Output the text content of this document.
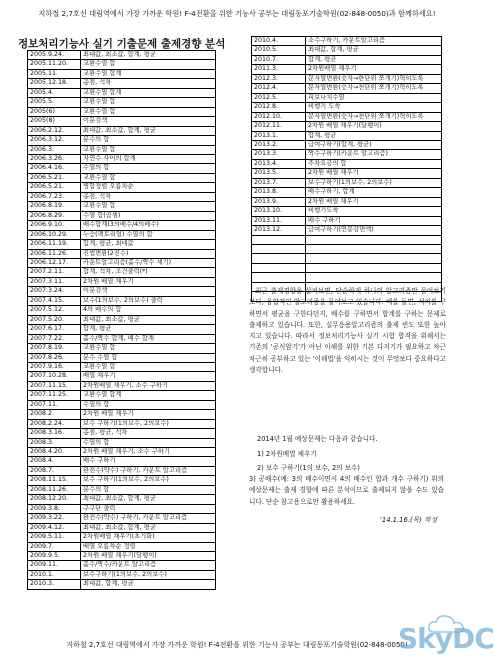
지하철 2,7호선 대림역에서 가장 가까운 학원! F-4전환을 위한 기능사 공부는 대림동포기술학원(02-848-0050)과 함께하세요!
정보처리기능사 실기 기출문제 출제경향 분석
2005.9.24.	최대값, 최소값, 합계, 평균
2005.11.20.	교환수열 합
2005.11.	교환수열 합계
2005.12.18.	총점, 석차
2005.4.	교환수열 합계
2005.5.	교환수열 합
2005(6)	교환수열 합
2005(8)	이분검색
2006.2.12.	최대값, 최소값, 합계, 평균
2006.3.12.	분수의 합
2006.3.	교환수열 합
2006.3.26.	자연수 사이의 합계
2006.4.16.	수열의 합
2006.5.21.	교환수열 합
2006.5.21.	병합정렬 오름차순
2006.7.23.	총점, 석차
2006.8.19.	교환수열 합
2006.8.29.	수열 합(곱셈)
2006.9.10.	배수합계(3의배수/4의배수)
2006.10.29.	누승(팩토리얼) 수열의 합
2006.11.19.	합계, 평균, 최대값
2006.11.26.	진법변환(2진수)
2006.12.17.	카운트알고리즘(홀수/짝수 세기)
2007.2.11.	합계, 석차, 조건출력(*)
2007.3.11.	2차원 배열 채우기
2007.3.24.	이분검색
2007.4.15.	보수(1의보수, 2의보수) 출력
2007.5.12.	4의 배수의 합
2007.5.20.	최대값, 최소값, 평균
2007.6.17.	합계, 평균
2007.7.22.	홀수/짝수 합계, 배수 합계
2007.8.19.	교환수열 합
2007.8.26.	분수 수열 합
2007.9.16.	교환수열 합
2007.10.28.	배열 채우기
2007.11.15.	2차원배열 채우기, 소수 구하기
2007.11.25.	교환수열 합계
2007.11.	수열의 합
2008.2.	2차원 배열 채우기
2008.2.24.	보수 구하기(1의보수, 2의보수)
2008.3.16.	총점, 평균, 석차
2008.3.	수열의 합
2008.4.20.	2차원 배열 채우기, 소수 구하기
2008.4.	배수 구하기
2008.7.	완전수(약수) 구하기, 카운트 알고리즘
2008.11.15.	보수 구하기(1의보수, 2의보수)
2008.11.26.	분수의 합
2008.12.20.	최대값, 최소값, 합계, 평균
2009.3.8.	구구단 출력
2009.3.22.	완전수(약수) 구하기, 카운트 알고리즘
2009.4.12.	최대값, 최소값, 합계, 평균
2009.5.11.	2차원배열 채우기(초기화)
2009.7.	배열 오름차순 정렬
2009.9.5.	2차원 배열 채우기(달팽이)
2009.11.	홀수/짝수/카운트 알고리즘
2010.1.	보수구하기(1의보수, 2의보수)
2010.3.	최대값, 합계, 평균
2010.4.	소수구하기, 카운트알고리즘
2010.5.	최대값, 합계, 평균
2010.7.	합계, 평균
2011.3.	2차원배열 채우기
2012.3.	문자열변환(숫자→한단위 쪼개기)혁히도록
2012.4.	문자열변환(숫자→천단위 쪼개기)혁히도록
2012.5.	피보나치수열
2012.8.	비행기 도착
2012.10.	문자열변환(숫자→천단위 쪼개기)혁히도록
2012.11.	2차원 배열 채우기(달팽이)
2013.1.	합계, 평균
2013.2.	급여구하기(합계, 평균)
2013.3.	짝수구하기(카운트 알고리즘)
2013.4.	주차요금의 합
2013.5.	2차원 배열 채우기
2013.7.	보수구하기(1의보수, 2의보수)
2013.8.	배수구하기, 합계
2013.9.	2차원 배열 채우기
2013.10.	비행기도착
2013.11.	배수 구하기
2013.12.	급여구하기(연봉감면액)

최근 출제경향을 살펴보면, 단순하게 하나의 알고리즘만 물어보기보다, 융합적인 알고리즘을 물어보고 있습니다. 예를 들면, 석차를 구하면서 평균을 구한다던지, 배수를 구하면서 합계를 구하는 문제로 출제하고 있습니다. 또한, 실무응용알고리즘의 출제 빈도 또한 높아지고 있습니다. 따라서 정보처리기능사 실기 시험 합격을 위해서는 기존의 '공식암기'가 아닌 이해를 위한 기본 다지기가 필요하고 차근차근히 공부하고 있는 '이해법'을 익히시는 것이 무엇보다 중요하다고 생각합니다.
2014년 1월 예상문제는 다음과 같습니다.
1) 2차원배열 채우기
2) 보수 구하기(1의 보수, 2의 보수)
3) 공배수(예: 3의 배수이면서 4의 배수인 합과 개수 구하기) 위의 예상문제는 출제 경향에 따른 분석이므로 출제되지 않을 수도 있습니다. 단순 참고용으로만 활용하세요.
'14.1.16.(목) 작성
지하철 2,7호선 대림역에서 가장 가까운 학원! F-4전환을 위한 기능사 공부는 대림동포기술학원(02-848-0050)
SkyDC
